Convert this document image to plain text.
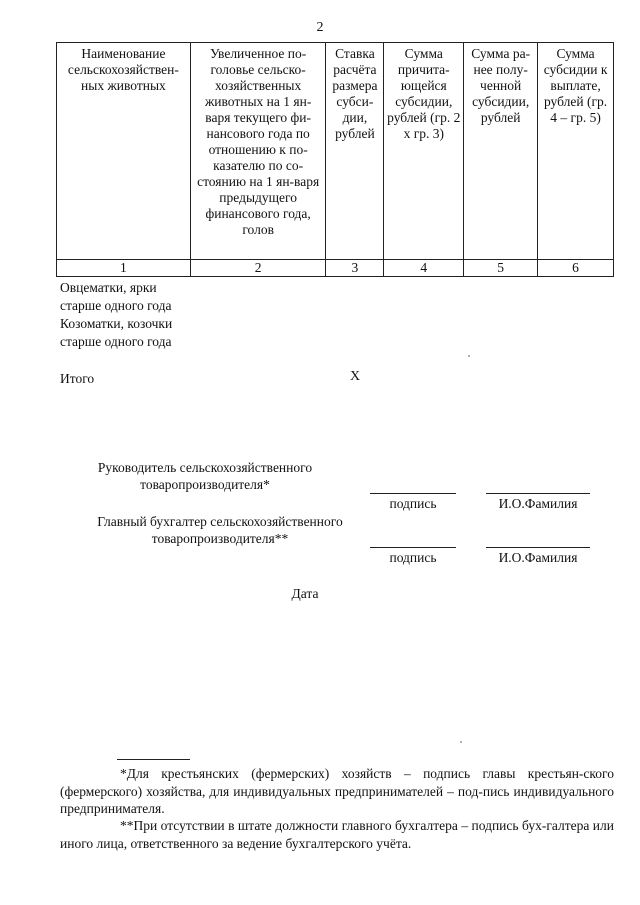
2
Наименование сельскохозяйствен-ных животных	Увеличенное по-головье сельско-хозяйственных животных на 1 ян-варя текущего фи-нансового года по отношению к по-казателю по со-стоянию на 1 ян-варя предыдущего финансового года, голов	Ставка расчёта размера субси-дии, рублей	Сумма причита-ющейся субсидии, рублей (гр. 2 х гр. 3)	Сумма ра-нее полу-ченной субсидии, рублей	Сумма субсидии к выплате, рублей (гр. 4 – гр. 5)
1	2	3	4	5	6
Овцематки, ярки
старше одного года
Козоматки, козочки
старше одного года
Итого	X
Руководитель сельскохозяйственного
товаропроизводителя*
подпись	И.О.Фамилия
Главный бухгалтер сельскохозяйственного
товаропроизводителя**
подпись	И.О.Фамилия
Дата
*Для крестьянских (фермерских) хозяйств – подпись главы крестьян-ского (фермерского) хозяйства, для индивидуальных предпринимателей – под-пись индивидуального предпринимателя.
**При отсутствии в штате должности главного бухгалтера – подпись бух-галтера или иного лица, ответственного за ведение бухгалтерского учёта.
